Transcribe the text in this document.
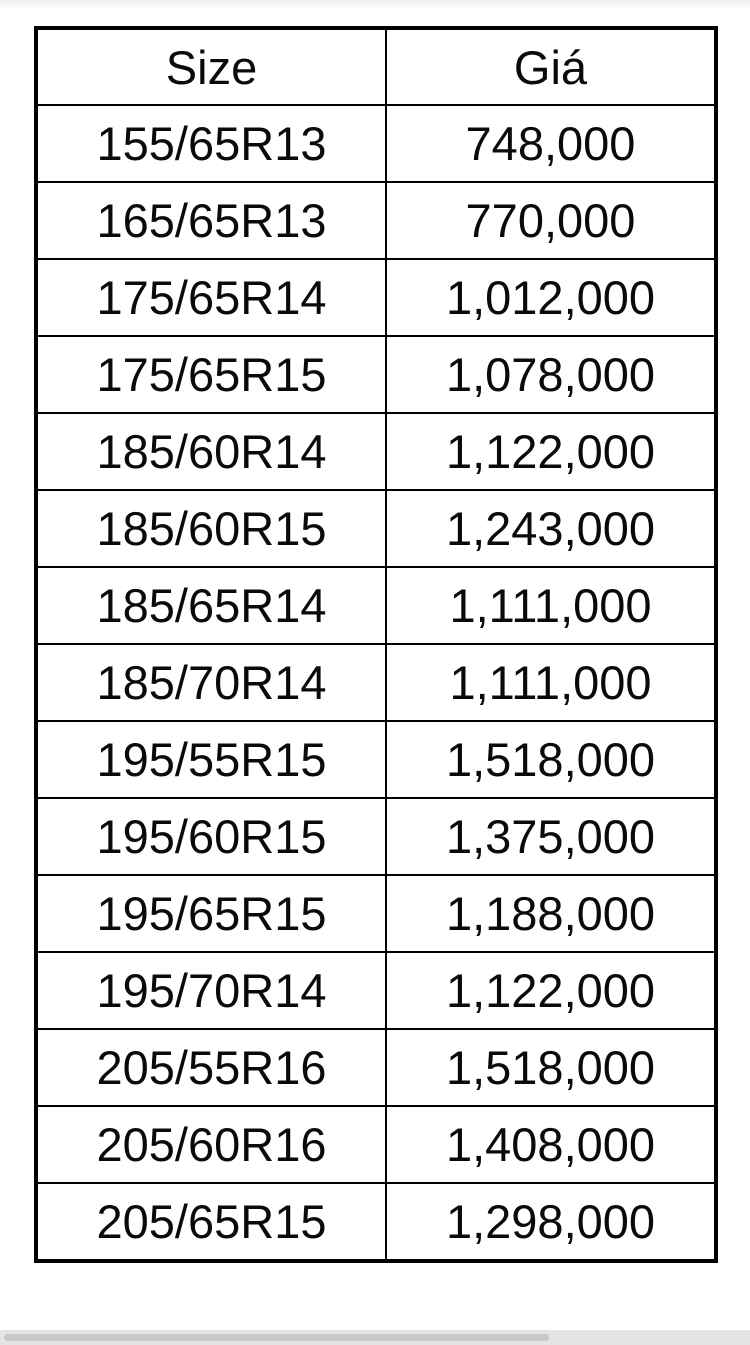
Size	Giá
155/65R13	748,000
165/65R13	770,000
175/65R14	1,012,000
175/65R15	1,078,000
185/60R14	1,122,000
185/60R15	1,243,000
185/65R14	1,111,000
185/70R14	1,111,000
195/55R15	1,518,000
195/60R15	1,375,000
195/65R15	1,188,000
195/70R14	1,122,000
205/55R16	1,518,000
205/60R16	1,408,000
205/65R15	1,298,000
